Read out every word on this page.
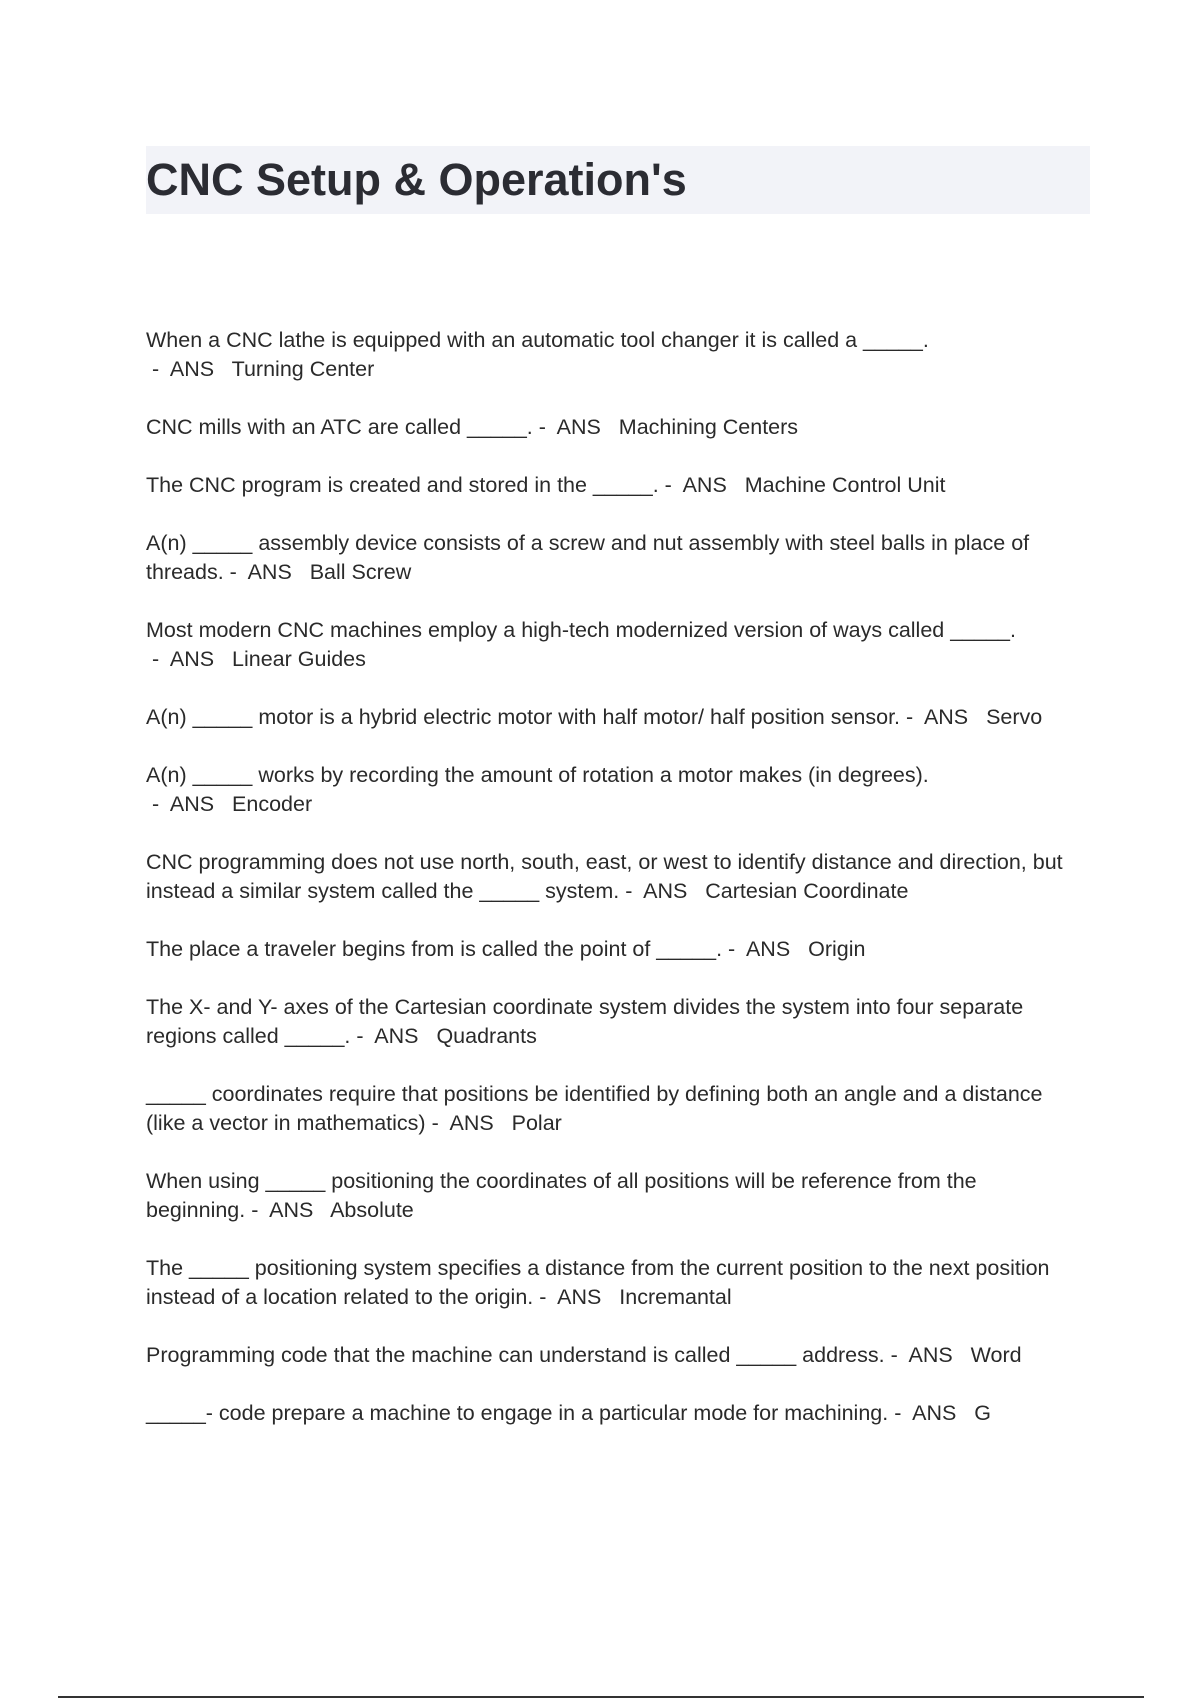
CNC Setup & Operation's
When a CNC lathe is equipped with an automatic tool changer it is called a _____. -  ANS   Turning Center
CNC mills with an ATC are called _____. -  ANS   Machining Centers
The CNC program is created and stored in the _____. -  ANS   Machine Control Unit
A(n) _____ assembly device consists of a screw and nut assembly with steel balls in place of threads. -  ANS   Ball Screw
Most modern CNC machines employ a high-tech modernized version of ways called _____. -  ANS   Linear Guides
A(n) _____ motor is a hybrid electric motor with half motor/ half position sensor. -  ANS   Servo
A(n) _____ works by recording the amount of rotation a motor makes (in degrees). -  ANS   Encoder
CNC programming does not use north, south, east, or west to identify distance and direction, but instead a similar system called the _____ system. -  ANS   Cartesian Coordinate
The place a traveler begins from is called the point of _____. -  ANS   Origin
The X- and Y- axes of the Cartesian coordinate system divides the system into four separate regions called _____. -  ANS   Quadrants
_____ coordinates require that positions be identified by defining both an angle and a distance (like a vector in mathematics) -  ANS   Polar
When using _____ positioning the coordinates of all positions will be reference from the beginning. -  ANS   Absolute
The _____ positioning system specifies a distance from the current position to the next position instead of a location related to the origin. -  ANS   Incremantal
Programming code that the machine can understand is called _____ address. -  ANS   Word
_____- code prepare a machine to engage in a particular mode for machining. -  ANS   G
